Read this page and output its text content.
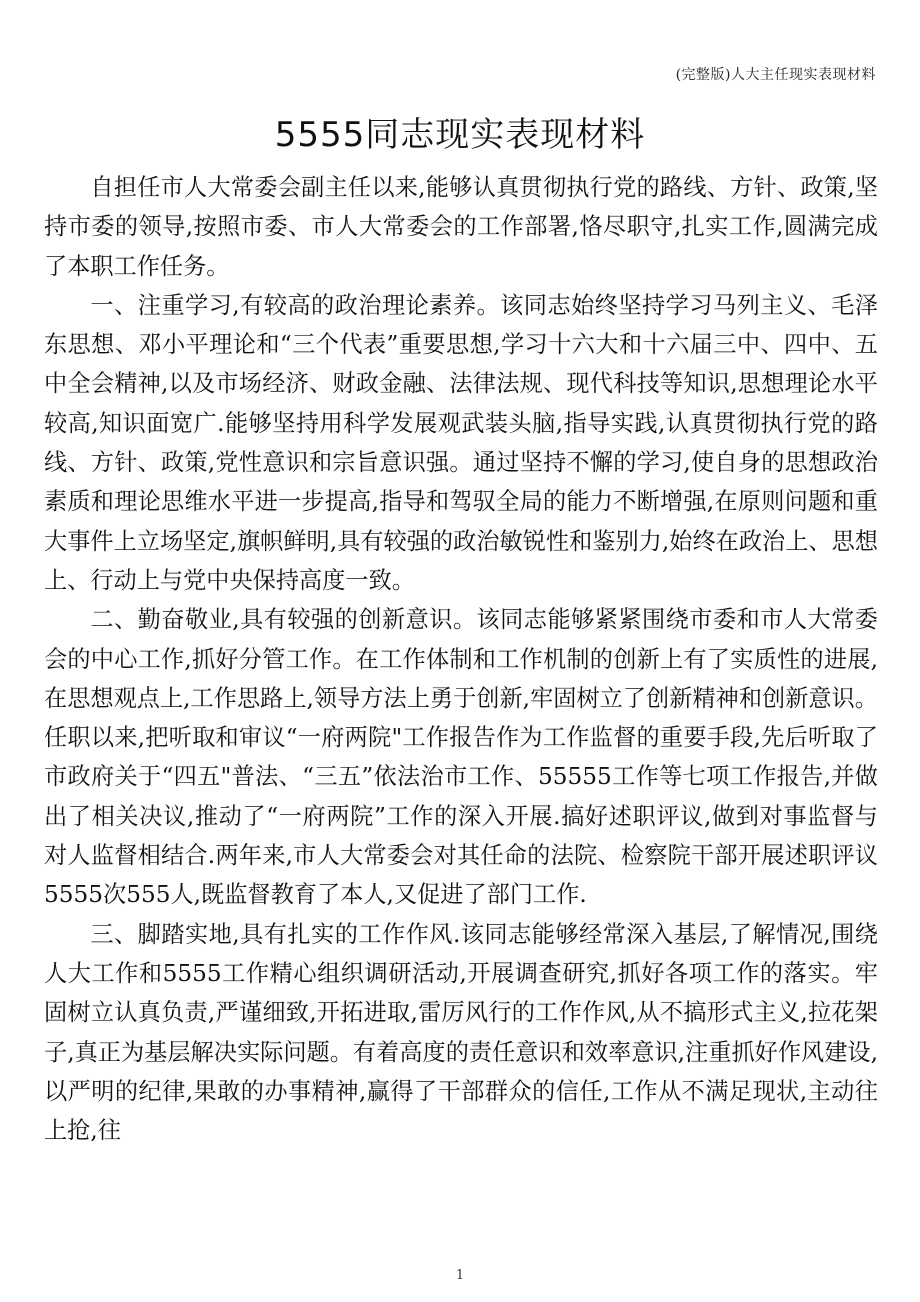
(完整版)人大主任现实表现材料
5555同志现实表现材料

自担任市人大常委会副主任以来,能够认真贯彻执行党的路线、方针、政策,坚持市委的领导,按照市委、市人大常委会的工作部署,恪尽职守,扎实工作,圆满完成了本职工作任务。

一、注重学习,有较高的政治理论素养。该同志始终坚持学习马列主义、毛泽东思想、邓小平理论和“三个代表”重要思想,学习十六大和十六届三中、四中、五中全会精神,以及市场经济、财政金融、法律法规、现代科技等知识,思想理论水平较高,知识面宽广.能够坚持用科学发展观武装头脑,指导实践,认真贯彻执行党的路线、方针、政策,党性意识和宗旨意识强。通过坚持不懈的学习,使自身的思想政治素质和理论思维水平进一步提高,指导和驾驭全局的能力不断增强,在原则问题和重大事件上立场坚定,旗帜鲜明,具有较强的政治敏锐性和鉴别力,始终在政治上、思想上、行动上与党中央保持高度一致。

二、勤奋敬业,具有较强的创新意识。该同志能够紧紧围绕市委和市人大常委会的中心工作,抓好分管工作。在工作体制和工作机制的创新上有了实质性的进展,在思想观点上,工作思路上,领导方法上勇于创新,牢固树立了创新精神和创新意识。任职以来,把听取和审议“一府两院"工作报告作为工作监督的重要手段,先后听取了市政府关于“四五"普法、“三五”依法治市工作、55555工作等七项工作报告,并做出了相关决议,推动了“一府两院”工作的深入开展.搞好述职评议,做到对事监督与对人监督相结合.两年来,市人大常委会对其任命的法院、检察院干部开展述职评议5555次555人,既监督教育了本人,又促进了部门工作.

三、脚踏实地,具有扎实的工作作风.该同志能够经常深入基层,了解情况,围绕人大工作和5555工作精心组织调研活动,开展调查研究,抓好各项工作的落实。牢固树立认真负责,严谨细致,开拓进取,雷厉风行的工作作风,从不搞形式主义,拉花架子,真正为基层解决实际问题。有着高度的责任意识和效率意识,注重抓好作风建设,以严明的纪律,果敢的办事精神,赢得了干部群众的信任,工作从不满足现状,主动往上抢,往

1
